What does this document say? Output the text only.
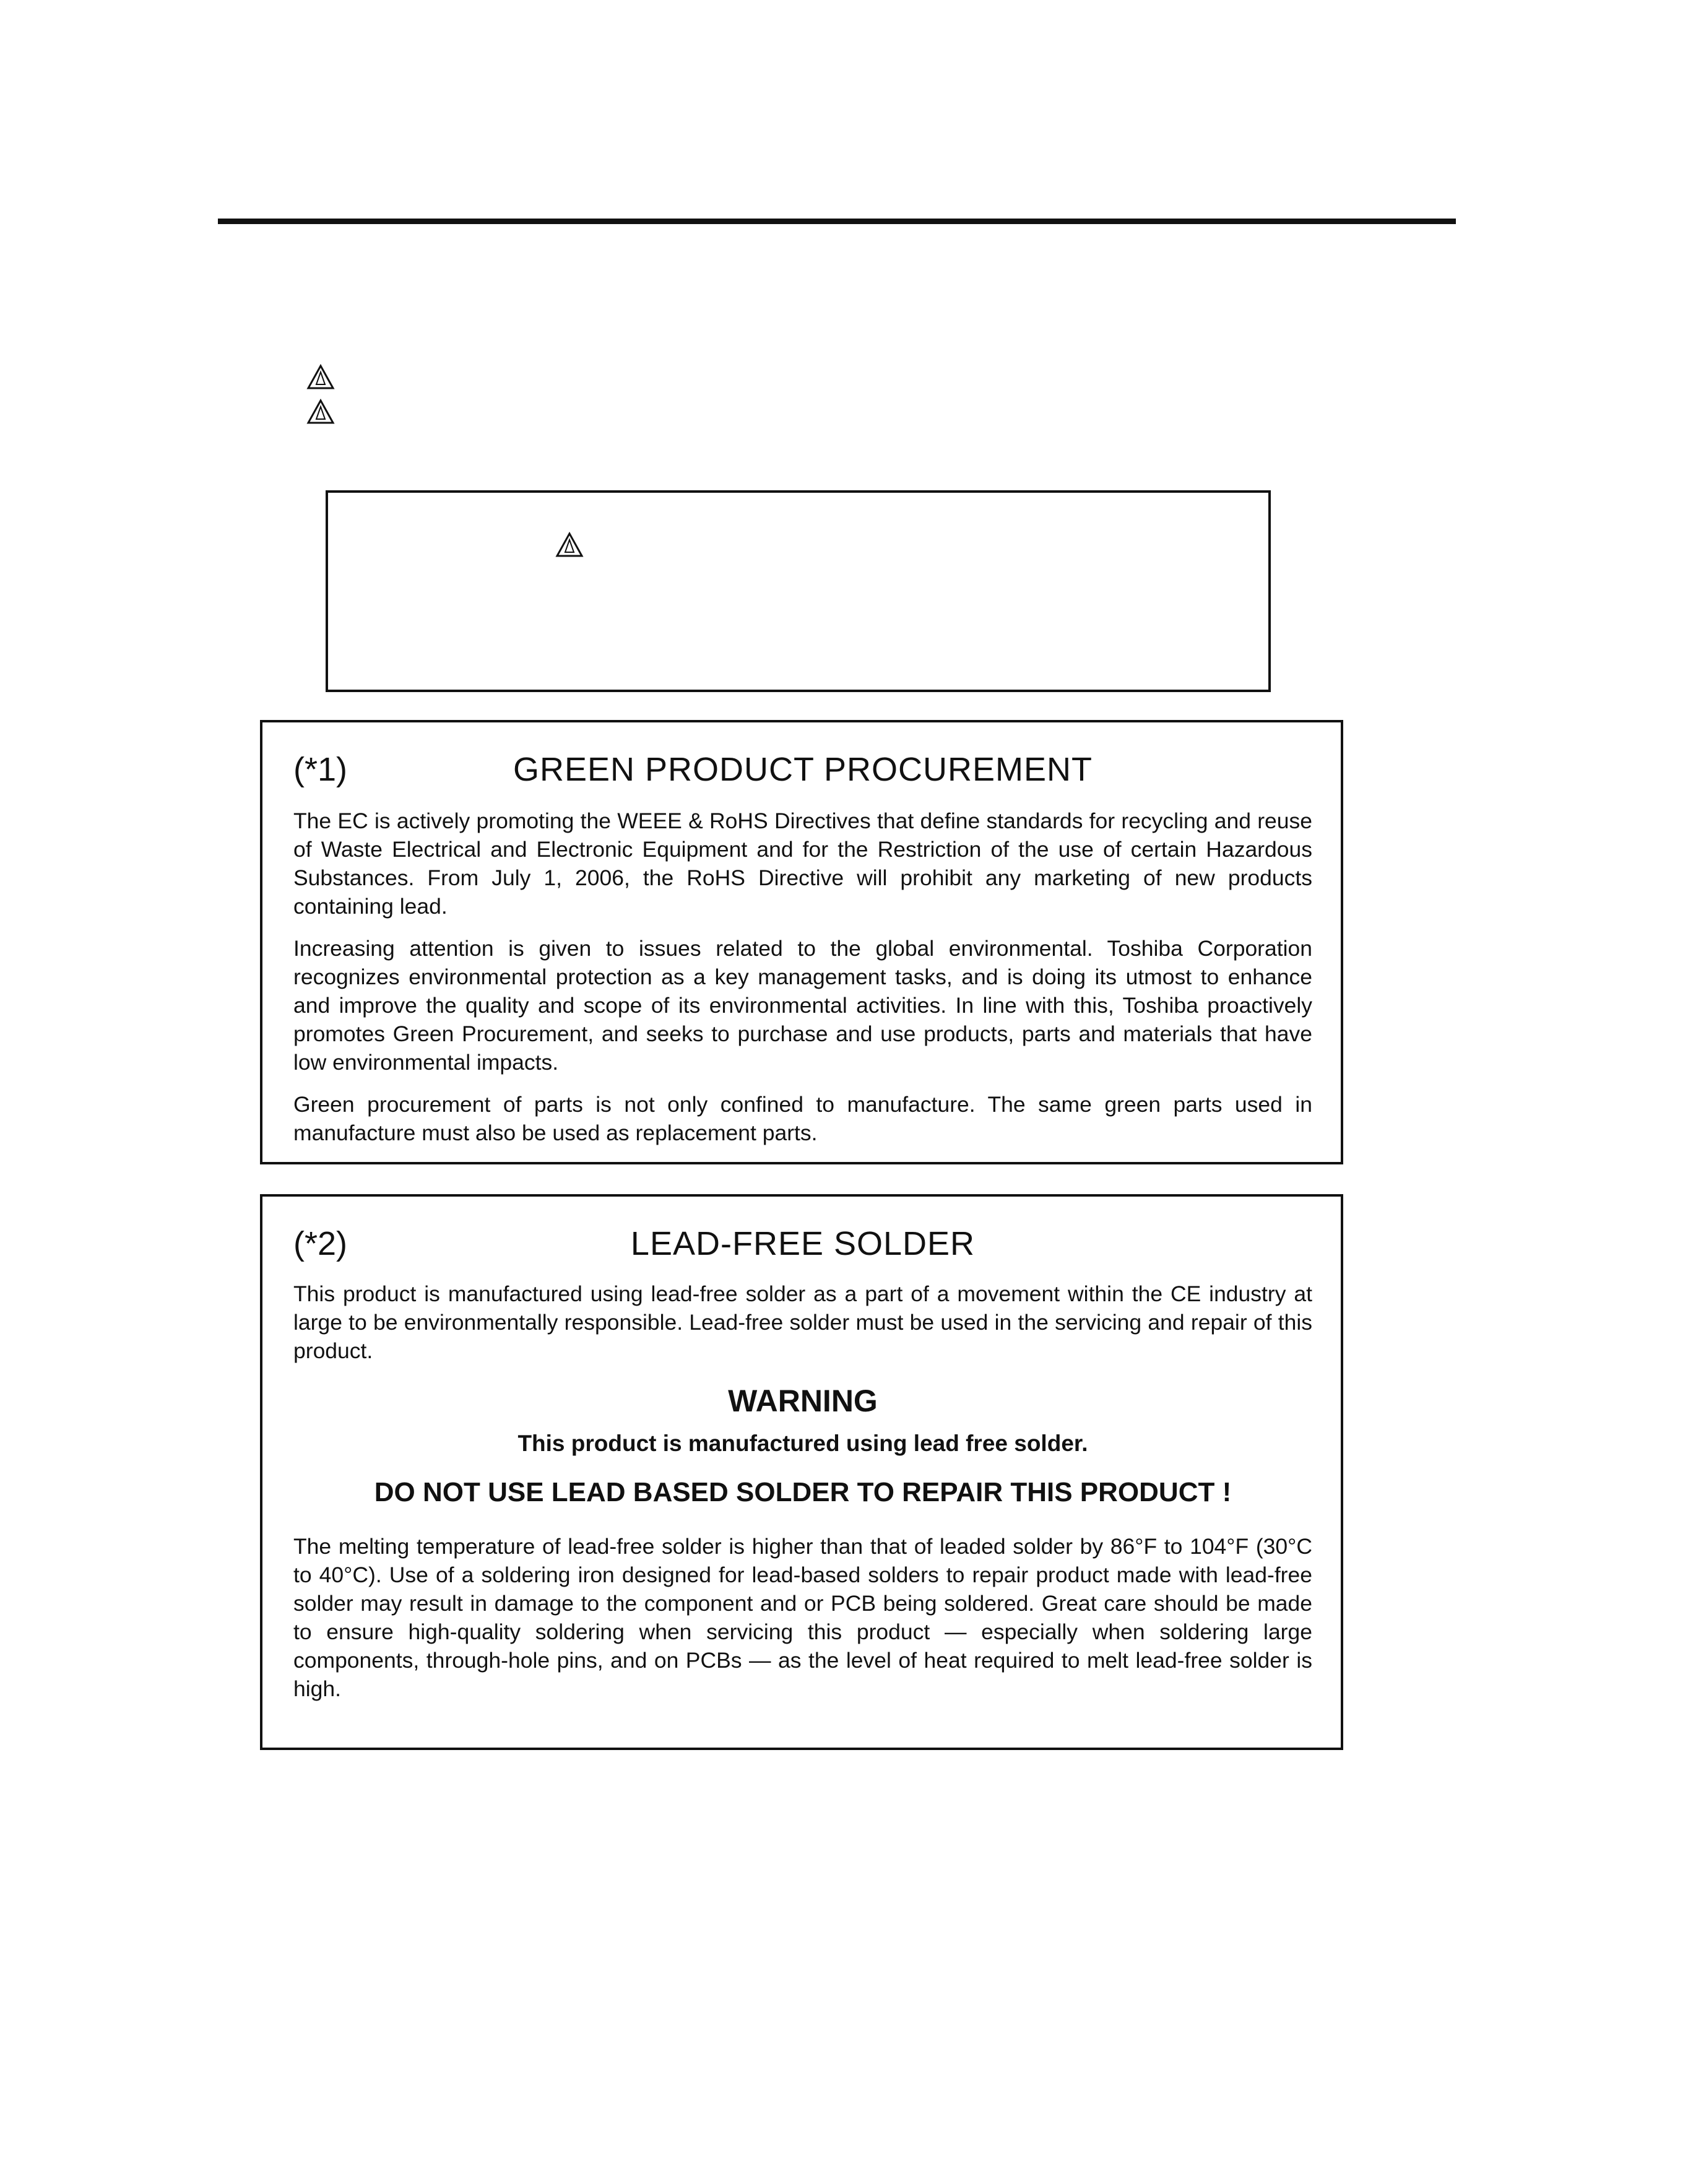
(*1)	GREEN PRODUCT PROCUREMENT

The EC is actively promoting the WEEE & RoHS Directives that define standards for recycling and reuse of Waste Electrical and Electronic Equipment and for the Restriction of the use of certain Hazardous Substances. From July 1, 2006, the RoHS Directive will prohibit any marketing of new products containing lead.

Increasing attention is given to issues related to the global environmental. Toshiba Corporation recognizes environmental protection as a key management tasks, and is doing its utmost to enhance and improve the quality and scope of its environmental activities. In line with this, Toshiba proactively promotes Green Procurement, and seeks to purchase and use products, parts and materials that have low environmental impacts.

Green procurement of parts is not only confined to manufacture. The same green parts used in manufacture must also be used as replacement parts.

(*2)	LEAD-FREE SOLDER

This product is manufactured using lead-free solder as a part of a movement within the CE industry at large to be environmentally responsible. Lead-free solder must be used in the servicing and repair of this product.

WARNING
This product is manufactured using lead free solder.
DO NOT USE LEAD BASED SOLDER TO REPAIR THIS PRODUCT !

The melting temperature of lead-free solder is higher than that of leaded solder by 86°F to 104°F (30°C to 40°C). Use of a soldering iron designed for lead-based solders to repair product made with lead-free solder may result in damage to the component and or PCB being soldered. Great care should be made to ensure high-quality soldering when servicing this product — especially when soldering large components, through-hole pins, and on PCBs — as the level of heat required to melt lead-free solder is high.
